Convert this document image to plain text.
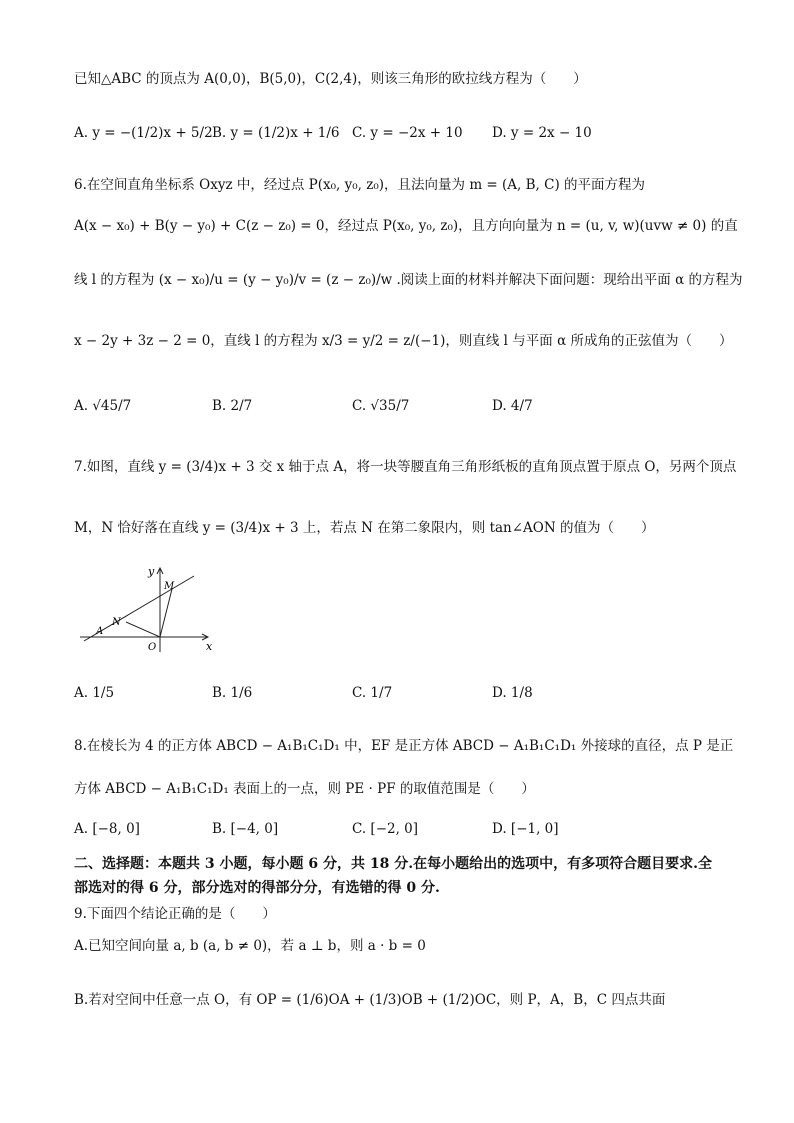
已知△ABC 的顶点为 A(0,0)，B(5,0)，C(2,4)，则该三角形的欧拉线方程为（　　）
A. y = −(1/2)x + 5/2 B. y = (1/2)x + 1/6 C. y = −2x + 10 D. y = 2x − 10
6.在空间直角坐标系 Oxyz 中，经过点 P(x₀, y₀, z₀)，且法向量为 m = (A, B, C) 的平面方程为
A(x − x₀) + B(y − y₀) + C(z − z₀) = 0，经过点 P(x₀, y₀, z₀)，且方向向量为 n = (u, v, w)(uvw ≠ 0) 的直
线 l 的方程为 (x − x₀)/u = (y − y₀)/v = (z − z₀)/w .阅读上面的材料并解决下面问题：现给出平面 α 的方程为
x − 2y + 3z − 2 = 0，直线 l 的方程为 x/3 = y/2 = z/(−1)，则直线 l 与平面 α 所成角的正弦值为（　　）
A. √45/7	B. 2/7	C. √35/7	D. 4/7
7.如图，直线 y = (3/4)x + 3 交 x 轴于点 A，将一块等腰直角三角形纸板的直角顶点置于原点 O，另两个顶点
M，N 恰好落在直线 y = (3/4)x + 3 上，若点 N 在第二象限内，则 tan∠AON 的值为（　　）
y
x
M
N
A
O
A. 1/5	B. 1/6	C. 1/7	D. 1/8
8.在棱长为 4 的正方体 ABCD − A₁B₁C₁D₁ 中，EF 是正方体 ABCD − A₁B₁C₁D₁ 外接球的直径，点 P 是正
方体 ABCD − A₁B₁C₁D₁ 表面上的一点，则 PE · PF 的取值范围是（　　）
A. [−8, 0]	B. [−4, 0]	C. [−2, 0]	D. [−1, 0]
二、选择题：本题共 3 小题，每小题 6 分，共 18 分.在每小题给出的选项中，有多项符合题目要求.全部选对的得 6 分，部分选对的得部分分，有选错的得 0 分.
9.下面四个结论正确的是（　　）
A.已知空间向量 a, b (a, b ≠ 0)，若 a ⊥ b，则 a · b = 0
B.若对空间中任意一点 O，有 OP = (1/6)OA + (1/3)OB + (1/2)OC，则 P，A，B，C 四点共面
